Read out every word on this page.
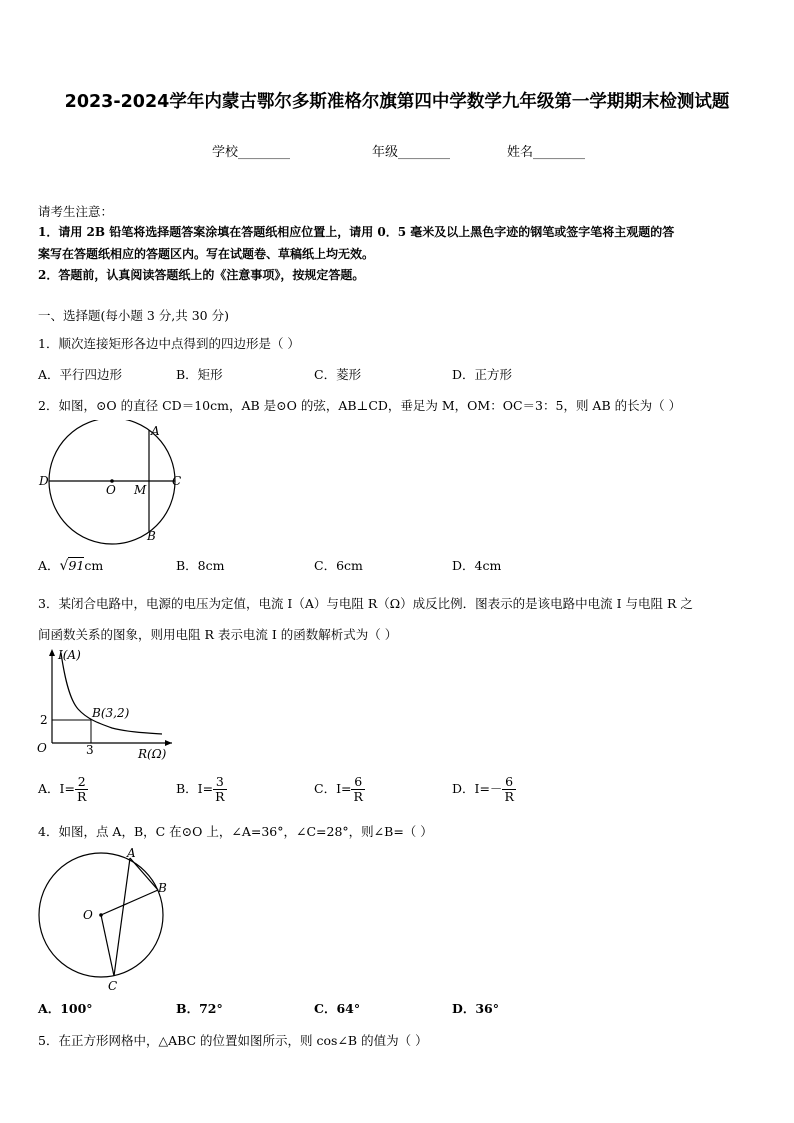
2023-2024学年内蒙古鄂尔多斯准格尔旗第四中学数学九年级第一学期期末检测试题
学校________	年级________	姓名________
请考生注意：
1．请用 2B 铅笔将选择题答案涂填在答题纸相应位置上，请用 0．5 毫米及以上黑色字迹的钢笔或签字笔将主观题的答
案写在答题纸相应的答题区内。写在试题卷、草稿纸上均无效。
2．答题前，认真阅读答题纸上的《注意事项》，按规定答题。
一、选择题(每小题 3 分,共 30 分)
1．顺次连接矩形各边中点得到的四边形是（ ）
A．平行四边形	B．矩形	C．菱形	D．正方形
2．如图，⊙O 的直径 CD＝10cm，AB 是⊙O 的弦，AB⊥CD，垂足为 M，OM：OC＝3：5，则 AB 的长为（ ）
A
B
C
D
O M
A．√91cm	B．8cm	C．6cm	D．4cm
3．某闭合电路中，电源的电压为定值，电流 I（A）与电阻 R（Ω）成反比例．图表示的是该电路中电流 I 与电阻 R 之
间函数关系的图象，则用电阻 R 表示电流 I 的函数解析式为（ ）
I(A)
R(Ω)
O
2
3
B(3,2)
A．$I= \frac{2}{R}$	B．$I= \frac{3}{R}$	C．$I= \frac{6}{R}$	D．$I=- \frac{6}{R}$
4．如图，点 A，B，C 在⊙O 上，∠A=36°，∠C=28°，则∠B=（ ）
A
B
C
O
A．100°	B．72°	C．64°	D．36°
5．在正方形网格中，△ABC 的位置如图所示，则 cos∠B 的值为（ ）
